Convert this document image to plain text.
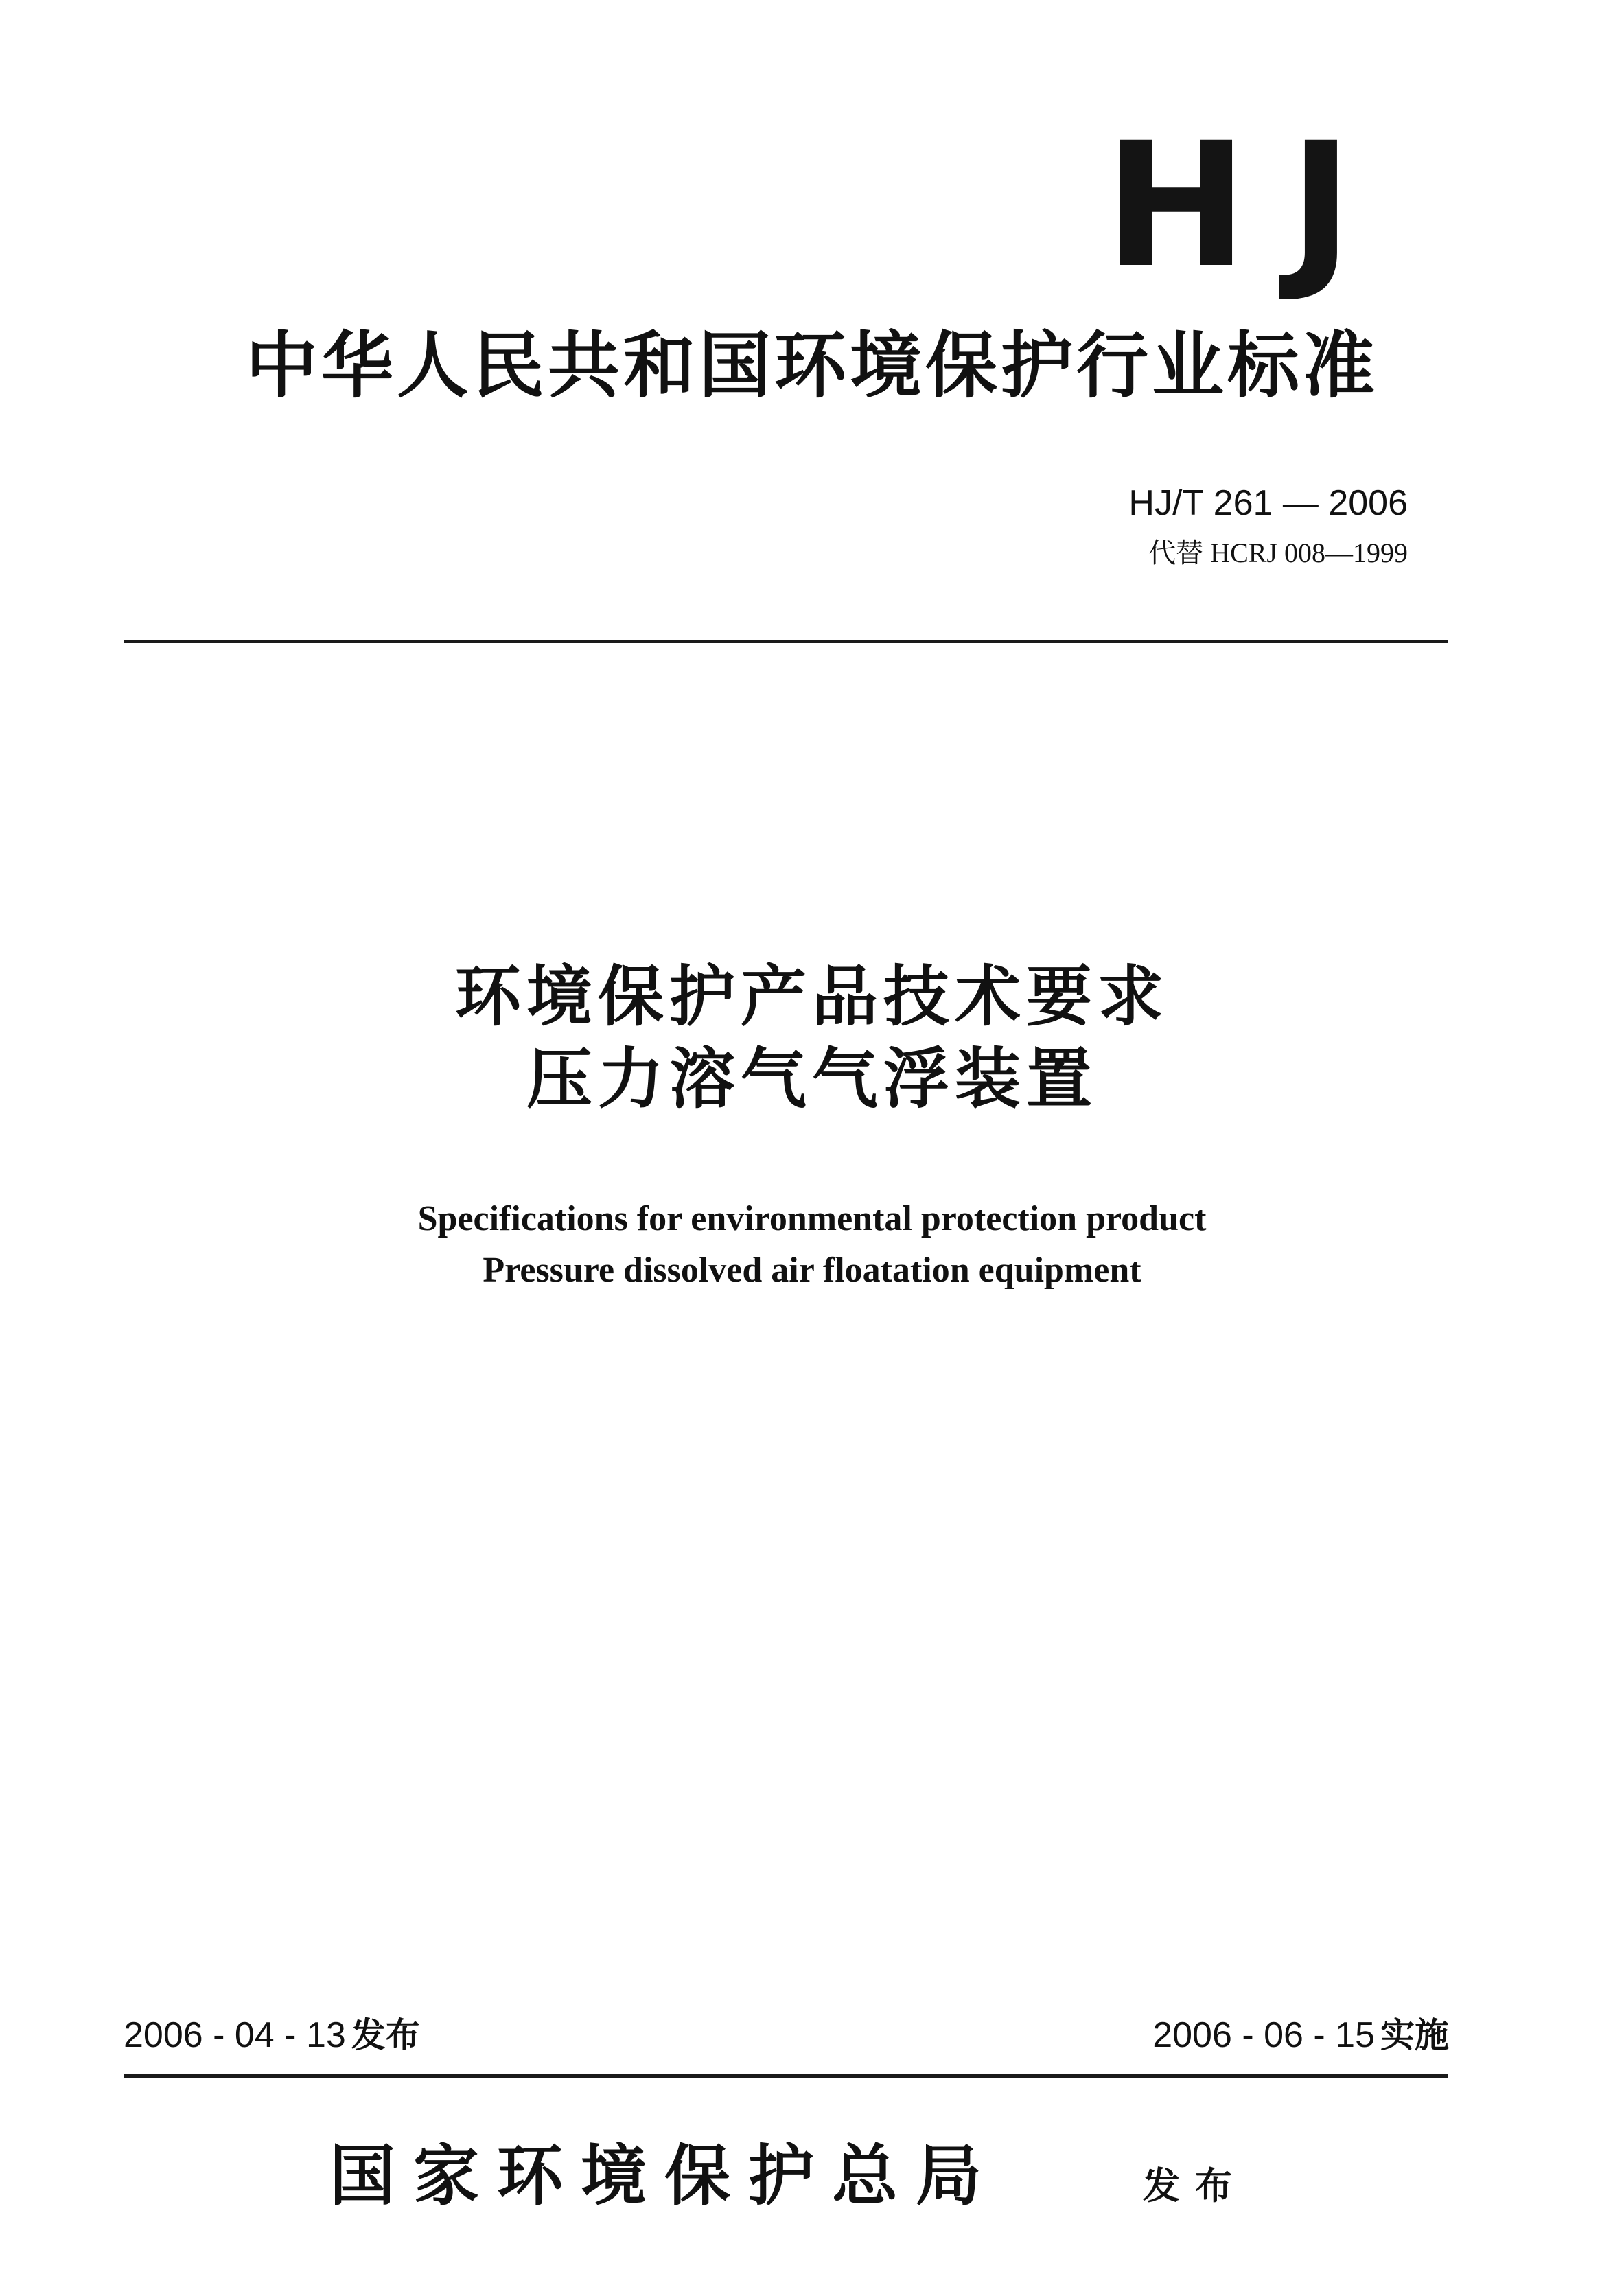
HJ
中华人民共和国环境保护行业标准
HJ/T 261 — 2006
代替 HCRJ 008—1999
环境保护产品技术要求
压力溶气气浮装置
Specifications for environmental protection product
Pressure dissolved air floatation equipment
2006 - 04 - 13 发布	2006 - 06 - 15 实施
国家环境保护总局	发布
